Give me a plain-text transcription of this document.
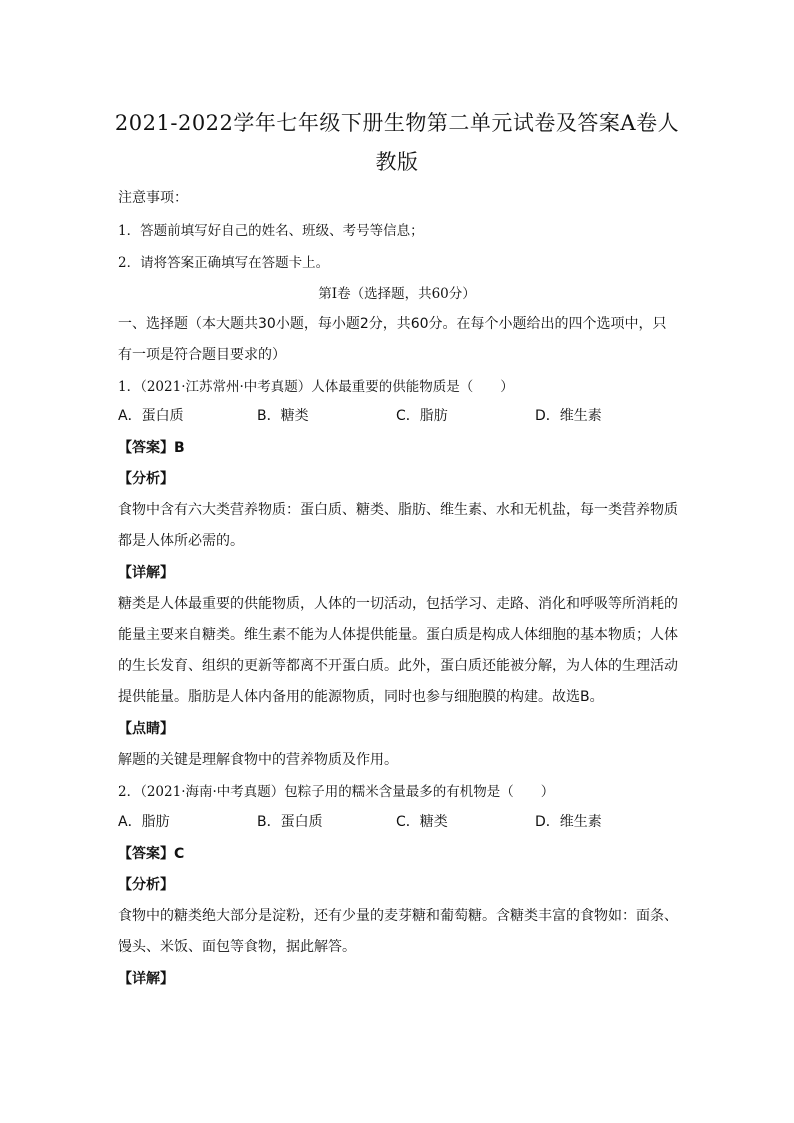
2021-2022学年七年级下册生物第二单元试卷及答案A卷人
教版
注意事项：
1．答题前填写好自己的姓名、班级、考号等信息；
2．请将答案正确填写在答题卡上。
第I卷（选择题，共60分）
一、选择题（本大题共30小题，每小题2分，共60分。在每个小题给出的四个选项中，只
有一项是符合题目要求的）
1．（2021·江苏常州·中考真题）人体最重要的供能物质是（　　）
A．蛋白质	B．糖类	C．脂肪	D．维生素
【答案】B
【分析】
食物中含有六大类营养物质：蛋白质、糖类、脂肪、维生素、水和无机盐，每一类营养物质
都是人体所必需的。
【详解】
糖类是人体最重要的供能物质，人体的一切活动，包括学习、走路、消化和呼吸等所消耗的
能量主要来自糖类。维生素不能为人体提供能量。蛋白质是构成人体细胞的基本物质；人体
的生长发育、组织的更新等都离不开蛋白质。此外，蛋白质还能被分解，为人体的生理活动
提供能量。脂肪是人体内备用的能源物质，同时也参与细胞膜的构建。故选B。
【点睛】
解题的关键是理解食物中的营养物质及作用。
2．（2021·海南·中考真题）包粽子用的糯米含量最多的有机物是（　　）
A．脂肪	B．蛋白质	C．糖类	D．维生素
【答案】C
【分析】
食物中的糖类绝大部分是淀粉，还有少量的麦芽糖和葡萄糖。含糖类丰富的食物如：面条、
馒头、米饭、面包等食物，据此解答。
【详解】
